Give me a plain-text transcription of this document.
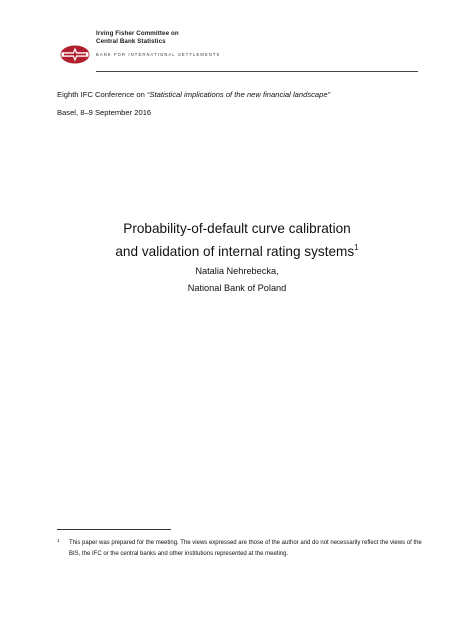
Irving Fisher Committee on
Central Bank Statistics
BANK FOR INTERNATIONAL SETTLEMENTS
Eighth IFC Conference on “Statistical implications of the new financial landscape”
Basel, 8–9 September 2016
Probability-of-default curve calibration
and validation of internal rating systems$^1$
Natalia Nehrebecka,
National Bank of Poland
1 This paper was prepared for the meeting. The views expressed are those of the author and do not necessarily reflect the views of the BIS, the IFC or the central banks and other institutions represented at the meeting.
